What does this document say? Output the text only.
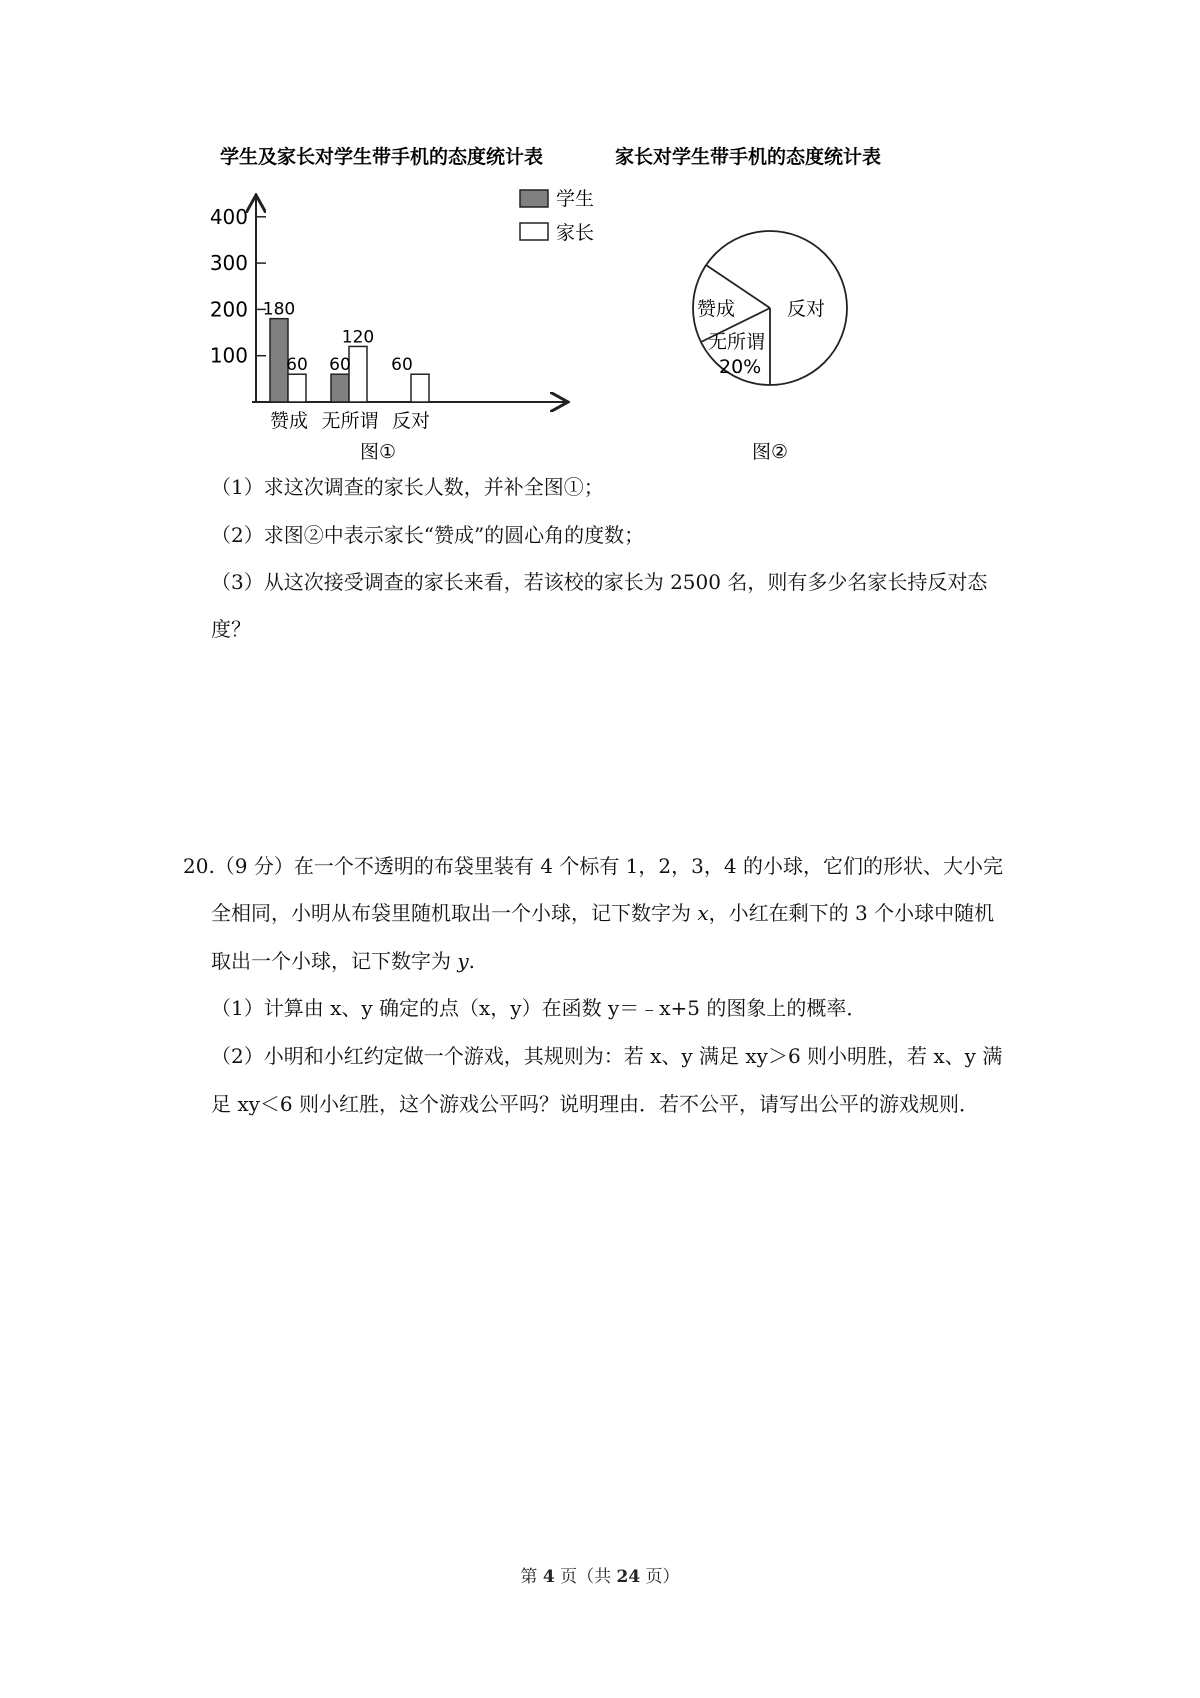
学生及家长对学生带手机的态度统计表
100
200
300
400
180
60 60
120
60
赞成 无所谓 反对
学生
家长
图①
家长对学生带手机的态度统计表
赞成
无所谓
20%
反对
图②
（1）求这次调查的家长人数，并补全图①；
（2）求图②中表示家长“赞成”的圆心角的度数；
（3）从这次接受调查的家长来看，若该校的家长为 2500 名，则有多少名家长持反对态
度？
20.（9 分）在一个不透明的布袋里装有 4 个标有 1，2，3，4 的小球，它们的形状、大小完
全相同，小明从布袋里随机取出一个小球，记下数字为 x，小红在剩下的 3 个小球中随机
取出一个小球，记下数字为 y.
（1）计算由 x、y 确定的点（x，y）在函数 y＝﹣x+5 的图象上的概率．
（2）小明和小红约定做一个游戏，其规则为：若 x、y 满足 xy＞6 则小明胜，若 x、y 满
足 xy＜6 则小红胜，这个游戏公平吗？说明理由．若不公平，请写出公平的游戏规则．
第 4 页（共 24 页）
